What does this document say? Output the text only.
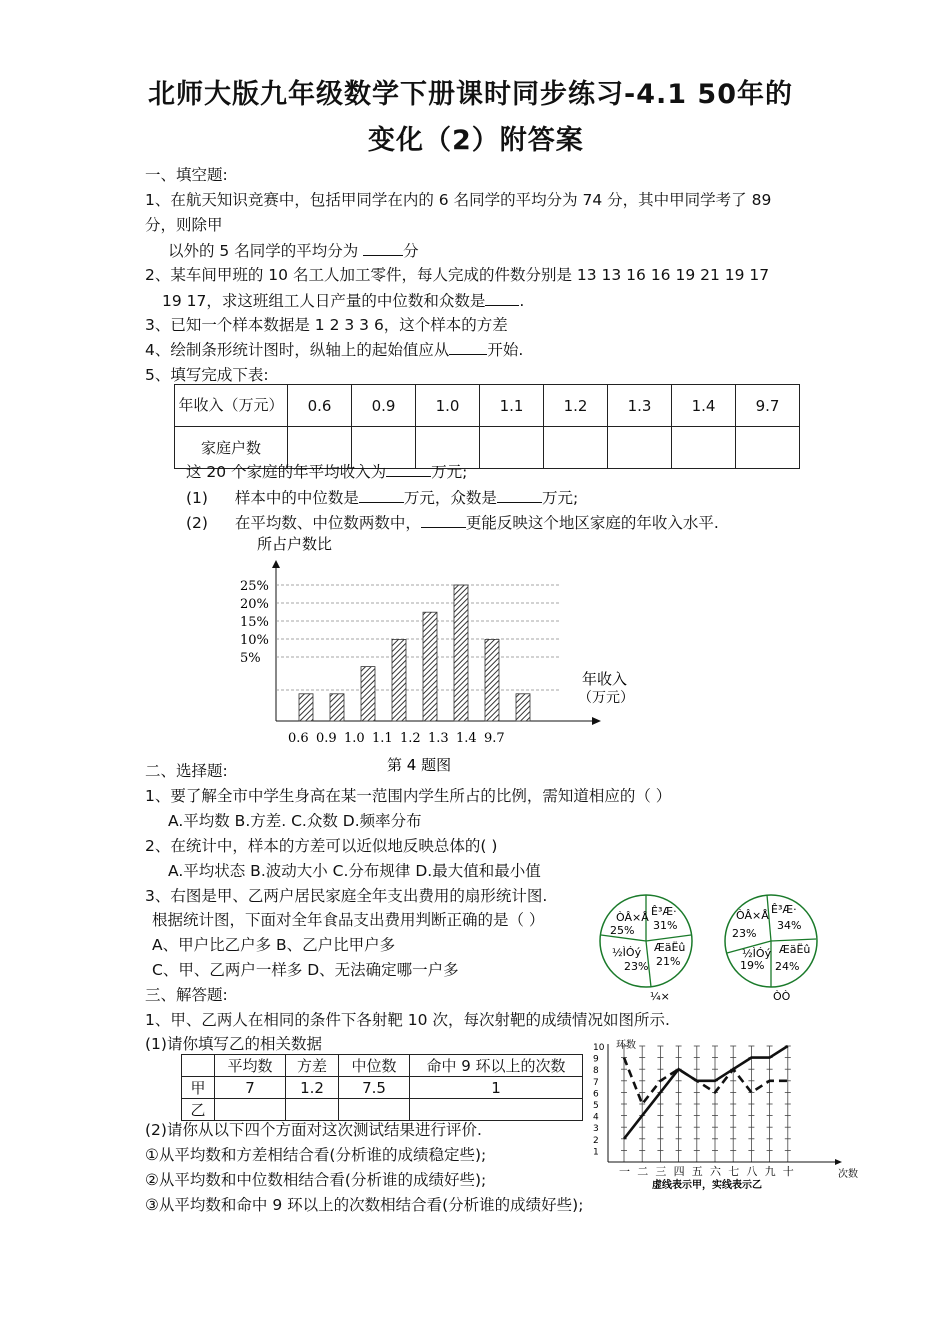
北师大版九年级数学下册课时同步练习-4.1 50年的
变化（2）附答案
一、填空题:
1、在航天知识竞赛中，包括甲同学在内的 6 名同学的平均分为 74 分，其中甲同学考了 89
分，则除甲
以外的 5 名同学的平均分为	分
2、某车间甲班的 10 名工人加工零件，每人完成的件数分别是 13 13 16 16 19 21 19 17
19 17，求这班组工人日产量的中位数和众数是 .
3、已知一个样本数据是 1 2 3 3 6，这个样本的方差
4、绘制条形统计图时，纵轴上的起始值应从 开始.
5、填写完成下表:
年收入（万元）	0.6	0.9	1.0	1.1	1.2	1.3	1.4	9.7
家庭户数								
这 20 个家庭的年平均收入为	万元;
(1) 样本中的中位数是	万元，众数是	万元;
(2) 在平均数、中位数两数中，	更能反映这个地区家庭的年收入水平.
所占户数比
25%
20%
15%
10%
5%
0.6 0.9 1.0 1.1 1.2 1.3 1.4 9.7
年收入
（万元）
第 4 题图
二、选择题:
1、要了解全市中学生身高在某一范围内学生所占的比例，需知道相应的（ ）
A.平均数 B.方差. C.众数 D.频率分布
2、在统计中，样本的方差可以近似地反映总体的( )
A.平均状态 B.波动大小 C.分布规律 D.最大值和最小值
3、右图是甲、乙两户居民家庭全年支出费用的扇形统计图.
根据统计图，下面对全年食品支出费用判断正确的是（ ）
A、甲户比乙户多 B、乙户比甲户多
C、甲、乙两户一样多 D、无法确定哪一户多
ÒÂ×Å
25%
Ê³Æ·
31%
½ÌÓý
23%
ÆäËû
21%
¼×
ÒÂ×Å
23%
Ê³Æ·
34%
½ÌÓý
19%
ÆäËû
24%
ÒÒ
三、解答题:
1、甲、乙两人在相同的条件下各射靶 10 次，每次射靶的成绩情况如图所示.
(1)请你填写乙的相关数据
	平均数	方差	中位数	命中 9 环以上的次数
甲	7	1.2	7.5	1
乙				
(2)请你从以下四个方面对这次测试结果进行评价.
①从平均数和方差相结合看(分析谁的成绩稳定些);
②从平均数和中位数相结合看(分析谁的成绩好些);
③从平均数和命中 9 环以上的次数相结合看(分析谁的成绩好些);
10
9
8
7
6
5
4
3
2
1
环数
一 二 三 四 五 六 七 八 九 十	次数
虚线表示甲，实线表示乙
